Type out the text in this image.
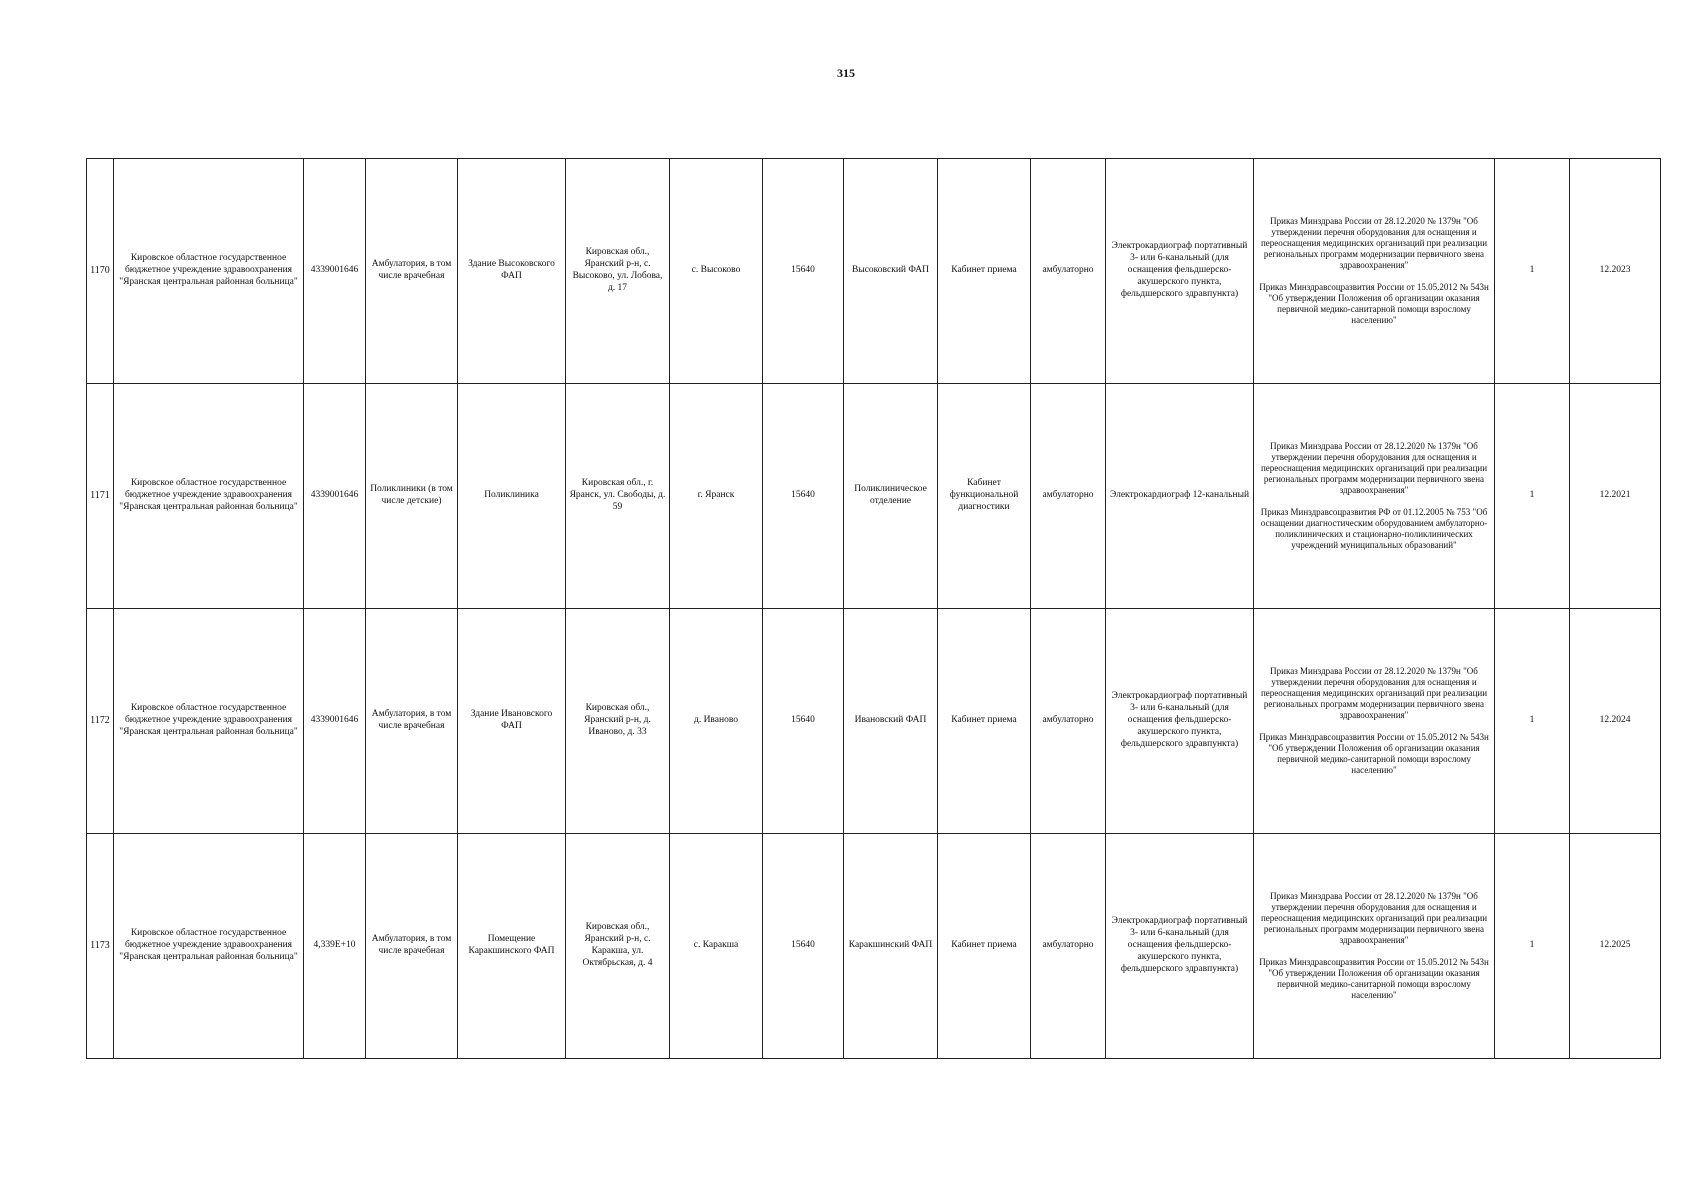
315
1170	Кировское областное государственное бюджетное учреждение здравоохранения "Яранская центральная районная больница"	4339001646	Амбулатория, в том числе врачебная	Здание Высоковского ФАП	Кировская обл., Яранский р-н, с. Высоково, ул. Лобова, д. 17	с. Высоково	15640	Высоковский ФАП	Кабинет приема	амбулаторно	Электрокардиограф портативный 3- или 6-канальный (для оснащения фельдшерско-акушерского пункта, фельдшерского здравпункта)	Приказ Минздрава России от 28.12.2020 № 1379н "Об утверждении перечня оборудования для оснащения и переоснащения медицинских организаций при реализации региональных программ модернизации первичного звена здравоохранения"
Приказ Минздравсоцразвития России от 15.05.2012 № 543н "Об утверждении Положения об организации оказания первичной медико-санитарной помощи взрослому населению"	1	12.2023
1171	Кировское областное государственное бюджетное учреждение здравоохранения "Яранская центральная районная больница"	4339001646	Поликлиники (в том числе детские)	Поликлиника	Кировская обл., г. Яранск, ул. Свободы, д. 59	г. Яранск	15640	Поликлиническое отделение	Кабинет функциональной диагностики	амбулаторно	Электрокардиограф 12-канальный	Приказ Минздрава России от 28.12.2020 № 1379н "Об утверждении перечня оборудования для оснащения и переоснащения медицинских организаций при реализации региональных программ модернизации первичного звена здравоохранения"
Приказ Минздравсоцразвития РФ от 01.12.2005 № 753 "Об оснащении диагностическим оборудованием амбулаторно-поликлинических и стационарно-поликлинических учреждений муниципальных образований"	1	12.2021
1172	Кировское областное государственное бюджетное учреждение здравоохранения "Яранская центральная районная больница"	4339001646	Амбулатория, в том числе врачебная	Здание Ивановского ФАП	Кировская обл., Яранский р-н, д. Иваново, д. 33	д. Иваново	15640	Ивановский ФАП	Кабинет приема	амбулаторно	Электрокардиограф портативный 3- или 6-канальный (для оснащения фельдшерско-акушерского пункта, фельдшерского здравпункта)	Приказ Минздрава России от 28.12.2020 № 1379н "Об утверждении перечня оборудования для оснащения и переоснащения медицинских организаций при реализации региональных программ модернизации первичного звена здравоохранения"
Приказ Минздравсоцразвития России от 15.05.2012 № 543н "Об утверждении Положения об организации оказания первичной медико-санитарной помощи взрослому населению"	1	12.2024
1173	Кировское областное государственное бюджетное учреждение здравоохранения "Яранская центральная районная больница"	4,339E+10	Амбулатория, в том числе врачебная	Помещение Каракшинского ФАП	Кировская обл., Яранский р-н, с. Каракша, ул. Октябрьская, д. 4	с. Каракша	15640	Каракшинский ФАП	Кабинет приема	амбулаторно	Электрокардиограф портативный 3- или 6-канальный (для оснащения фельдшерско-акушерского пункта, фельдшерского здравпункта)	Приказ Минздрава России от 28.12.2020 № 1379н "Об утверждении перечня оборудования для оснащения и переоснащения медицинских организаций при реализации региональных программ модернизации первичного звена здравоохранения"
Приказ Минздравсоцразвития России от 15.05.2012 № 543н "Об утверждении Положения об организации оказания первичной медико-санитарной помощи взрослому населению"	1	12.2025
